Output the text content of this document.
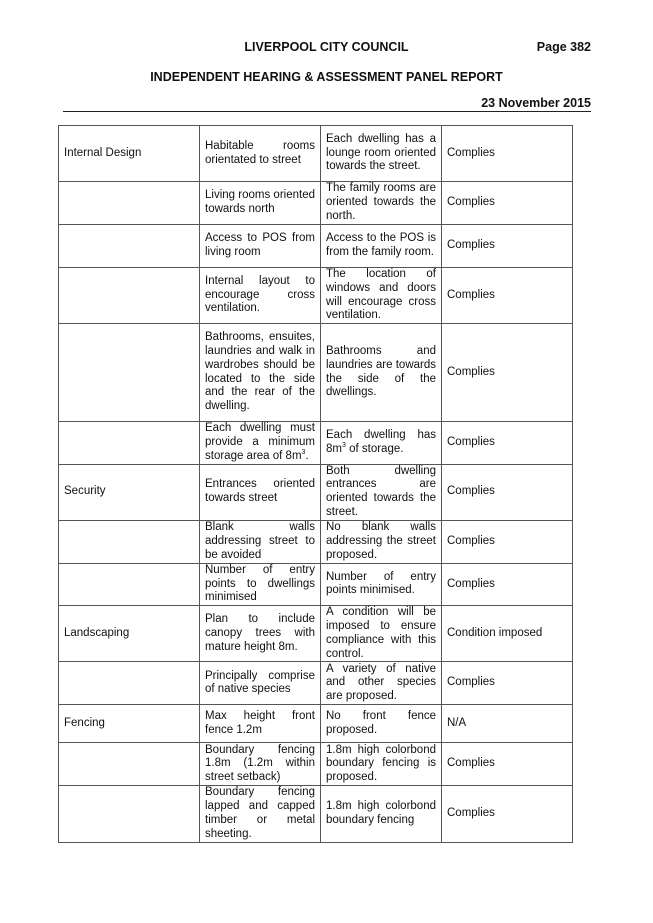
LIVERPOOL CITY COUNCIL	Page 382
INDEPENDENT HEARING & ASSESSMENT PANEL REPORT
23 November 2015
Internal Design	Habitable rooms orientated to street	Each dwelling has a lounge room oriented towards the street.	Complies
	Living rooms oriented towards north	The family rooms are oriented towards the north.	Complies
	Access to POS from living room	Access to the POS is from the family room.	Complies
	Internal layout to encourage cross ventilation.	The location of windows and doors will encourage cross ventilation.	Complies
	Bathrooms, ensuites, laundries and walk in wardrobes should be located to the side and the rear of the dwelling.	Bathrooms and laundries are towards the side of the dwellings.	Complies
	Each dwelling must provide a minimum storage area of $8m^3$.	Each dwelling has $8m^3$ of storage.	Complies
Security	Entrances oriented towards street	Both dwelling entrances are oriented towards the street.	Complies
	Blank walls addressing street to be avoided	No blank walls addressing the street proposed.	Complies
	Number of entry points to dwellings minimised	Number of entry points minimised.	Complies
Landscaping	Plan to include canopy trees with mature height 8m.	A condition will be imposed to ensure compliance with this control.	Condition imposed
	Principally comprise of native species	A variety of native and other species are proposed.	Complies
Fencing	Max height front fence 1.2m	No front fence proposed.	N/A
	Boundary fencing 1.8m (1.2m within street setback)	1.8m high colorbond boundary fencing is proposed.	Complies
	Boundary fencing lapped and capped timber or metal sheeting.	1.8m high colorbond boundary fencing	Complies
